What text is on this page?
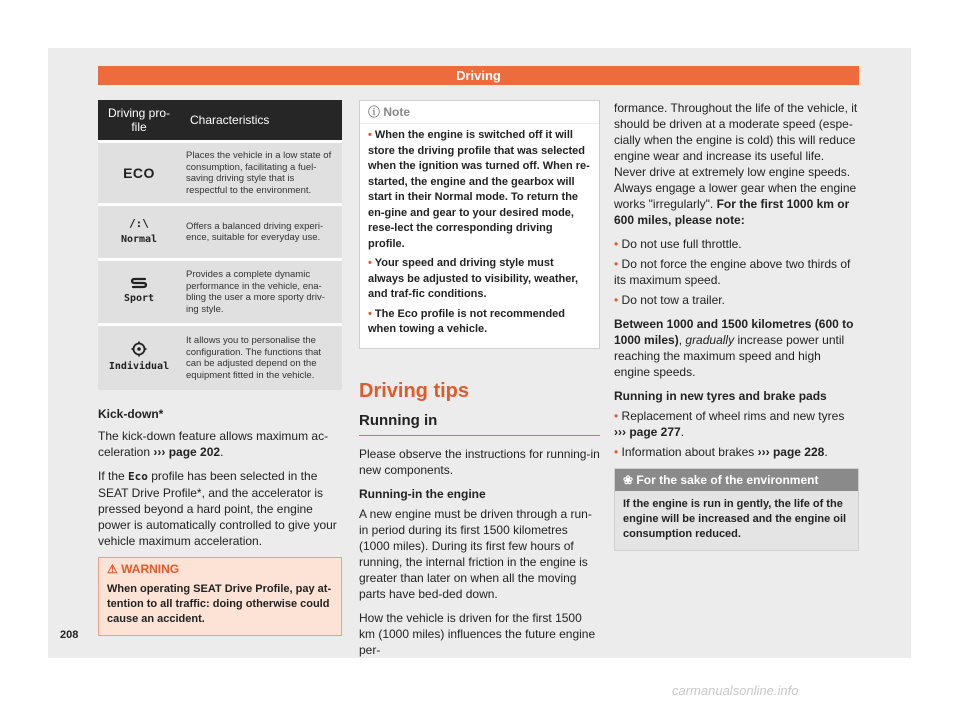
Driving
Driving pro-file	Characteristics
ECO	Places the vehicle in a low state of consumption, facilitating a fuel-saving driving style that is respectful to the environment.

/:\
Normal	Offers a balanced driving experi-ence, suitable for everyday use.

Sport	Provides a complete dynamic performance in the vehicle, ena-bling the user a more sporty driv-ing style.

Individual	It allows you to personalise the configuration. The functions that can be adjusted depend on the equipment fitted in the vehicle.

Kick-down*

The kick-down feature allows maximum ac-celeration ››› page 202.

If the Eco profile has been selected in the SEAT Drive Profile*, and the accelerator is pressed beyond a hard point, the engine power is automatically controlled to give your vehicle maximum acceleration.

⚠ WARNING
When operating SEAT Drive Profile, pay at-tention to all traffic: doing otherwise could cause an accident.
ⓘ Note
• When the engine is switched off it will store the driving profile that was selected when the ignition was turned off. When re-started, the engine and the gearbox will start in their Normal mode. To return the en-gine and gear to your desired mode, rese-lect the corresponding driving profile.
• Your speed and driving style must always be adjusted to visibility, weather, and traf-fic conditions.
• The Eco profile is not recommended when towing a vehicle.
Driving tips
Running in

Please observe the instructions for running-in new components.

Running-in the engine

A new engine must be driven through a run-in period during its first 1500 kilometres (1000 miles). During its first few hours of running, the internal friction in the engine is greater than later on when all the moving parts have bed-ded down.

How the vehicle is driven for the first 1500 km (1000 miles) influences the future engine per-

formance. Throughout the life of the vehicle, it should be driven at a moderate speed (espe-cially when the engine is cold) this will reduce engine wear and increase its useful life. Never drive at extremely low engine speeds. Always engage a lower gear when the engine works "irregularly". For the first 1000 km or 600 miles, please note:

• Do not use full throttle.
• Do not force the engine above two thirds of its maximum speed.
• Do not tow a trailer.

Between 1000 and 1500 kilometres (600 to 1000 miles), gradually increase power until reaching the maximum speed and high engine speeds.

Running in new tyres and brake pads

• Replacement of wheel rims and new tyres ››› page 277.
• Information about brakes ››› page 228.
❀ For the sake of the environment
If the engine is run in gently, the life of the engine will be increased and the engine oil consumption reduced.
208
carmanualsonline.info
